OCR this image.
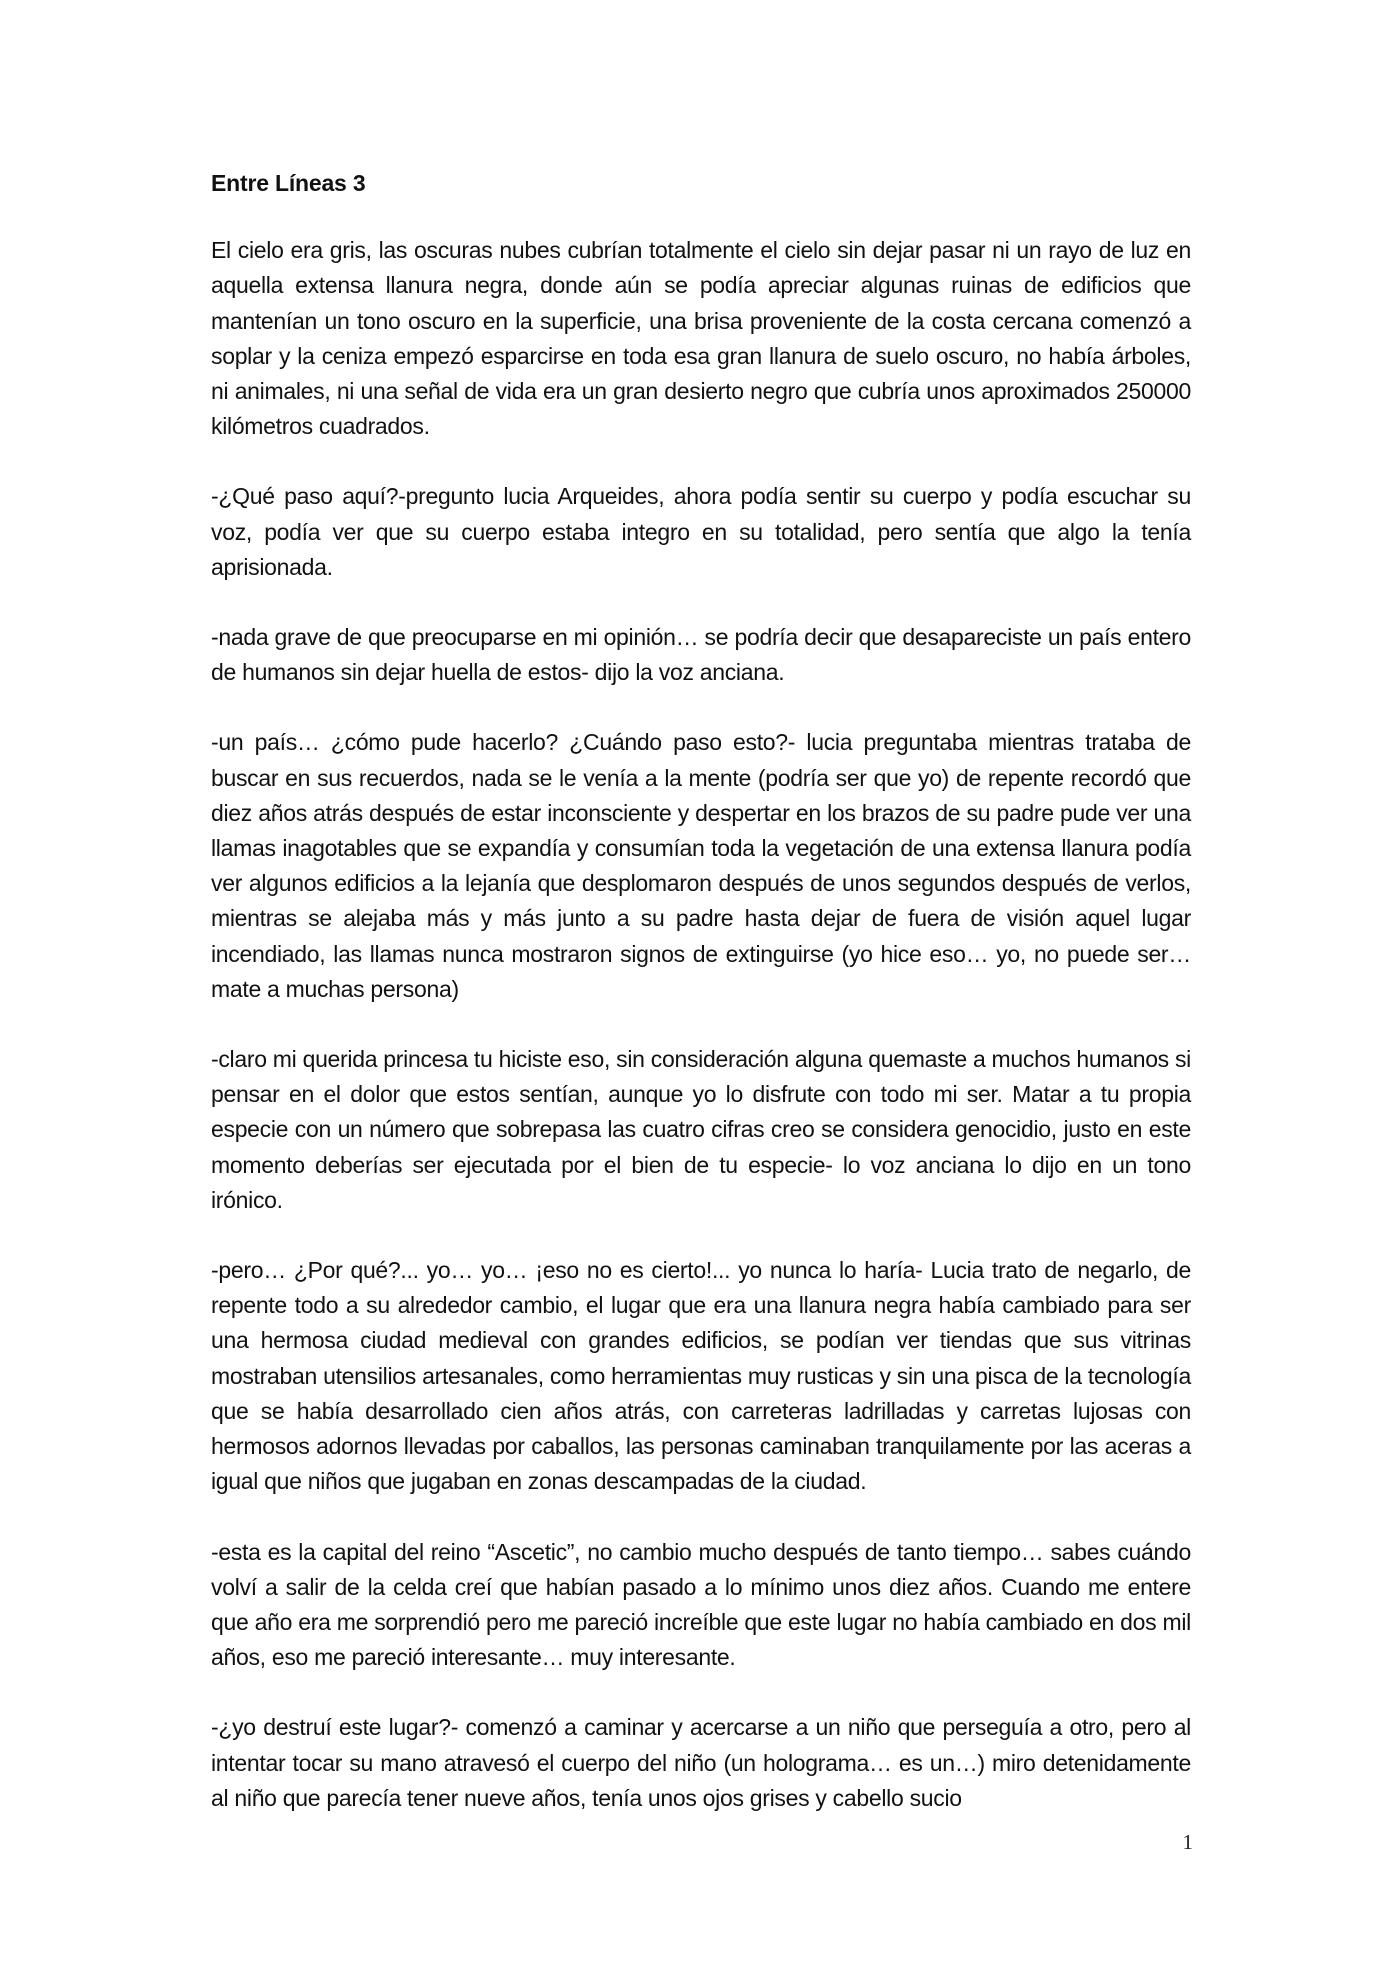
Entre Líneas 3

El cielo era gris, las oscuras nubes cubrían totalmente el cielo sin dejar pasar ni un rayo de luz en aquella extensa llanura negra, donde aún se podía apreciar algunas ruinas de edificios que mantenían un tono oscuro en la superficie, una brisa proveniente de la costa cercana comenzó a soplar y la ceniza empezó esparcirse en toda esa gran llanura de suelo oscuro, no había árboles, ni animales, ni una señal de vida era un gran desierto negro que cubría unos aproximados 250000 kilómetros cuadrados.

-¿Qué paso aquí?-pregunto lucia Arqueides, ahora podía sentir su cuerpo y podía escuchar su voz, podía ver que su cuerpo estaba integro en su totalidad, pero sentía que algo la tenía aprisionada.

-nada grave de que preocuparse en mi opinión… se podría decir que desapareciste un país entero de humanos sin dejar huella de estos- dijo la voz anciana.

-un país… ¿cómo pude hacerlo? ¿Cuándo paso esto?- lucia preguntaba mientras trataba de buscar en sus recuerdos, nada se le venía a la mente (podría ser que yo) de repente recordó que diez años atrás después de estar inconsciente y despertar en los brazos de su padre pude ver una llamas inagotables que se expandía y consumían toda la vegetación de una extensa llanura podía ver algunos edificios a la lejanía que desplomaron después de unos segundos después de verlos, mientras se alejaba más y más junto a su padre hasta dejar de fuera de visión aquel lugar incendiado, las llamas nunca mostraron signos de extinguirse (yo hice eso… yo, no puede ser… mate a muchas persona)

-claro mi querida princesa tu hiciste eso, sin consideración alguna quemaste a muchos humanos si pensar en el dolor que estos sentían, aunque yo lo disfrute con todo mi ser. Matar a tu propia especie con un número que sobrepasa las cuatro cifras creo se considera genocidio, justo en este momento deberías ser ejecutada por el bien de tu especie- lo voz anciana lo dijo en un tono irónico.

-pero… ¿Por qué?... yo… yo… ¡eso no es cierto!... yo nunca lo haría- Lucia trato de negarlo, de repente todo a su alrededor cambio, el lugar que era una llanura negra había cambiado para ser una hermosa ciudad medieval con grandes edificios, se podían ver tiendas que sus vitrinas mostraban utensilios artesanales, como herramientas muy rusticas y sin una pisca de la tecnología que se había desarrollado cien años atrás, con carreteras ladrilladas y carretas lujosas con hermosos adornos llevadas por caballos, las personas caminaban tranquilamente por las aceras a igual que niños que jugaban en zonas descampadas de la ciudad.

-esta es la capital del reino “Ascetic”, no cambio mucho después de tanto tiempo… sabes cuándo volví a salir de la celda creí que habían pasado a lo mínimo unos diez años. Cuando me entere que año era me sorprendió pero me pareció increíble que este lugar no había cambiado en dos mil años, eso me pareció interesante… muy interesante.

-¿yo destruí este lugar?- comenzó a caminar y acercarse a un niño que perseguía a otro, pero al intentar tocar su mano atravesó el cuerpo del niño (un holograma… es un…) miro detenidamente al niño que parecía tener nueve años, tenía unos ojos grises y cabello sucio

1
